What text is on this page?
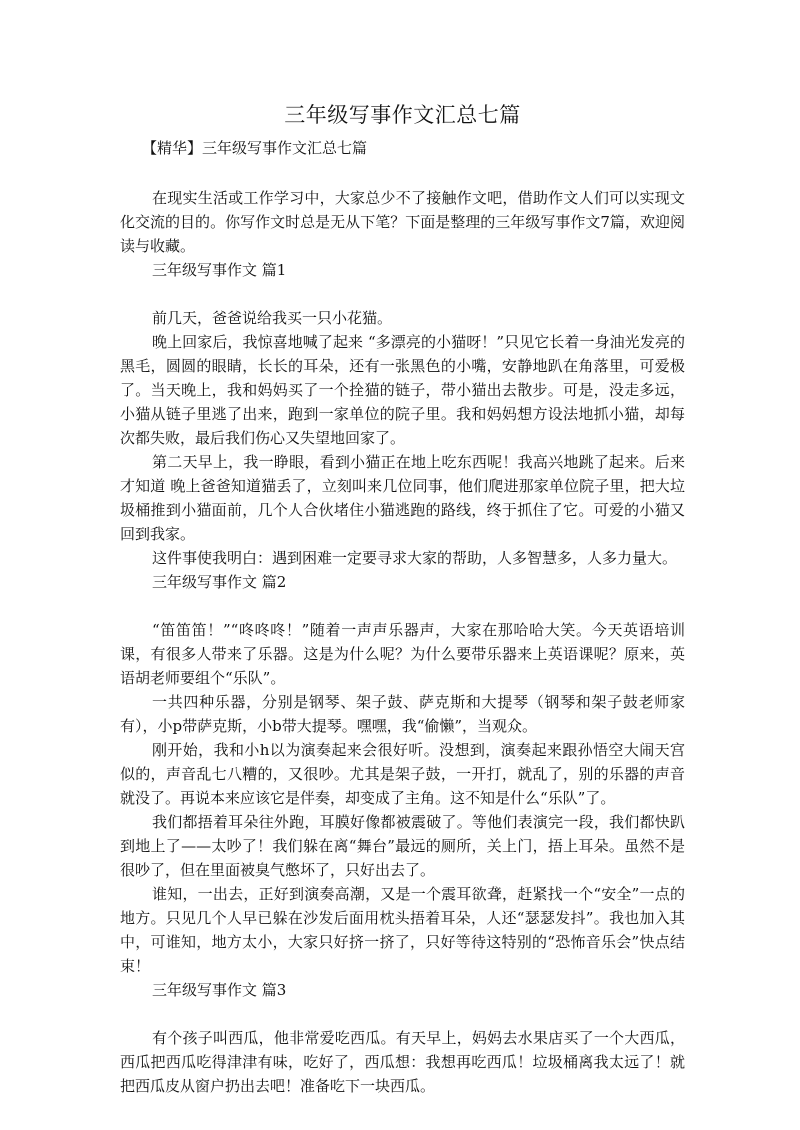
三年级写事作文汇总七篇

【精华】三年级写事作文汇总七篇

在现实生活或工作学习中，大家总少不了接触作文吧，借助作文人们可以实现文化交流的目的。你写作文时总是无从下笔？下面是整理的三年级写事作文7篇，欢迎阅读与收藏。

三年级写事作文 篇1

前几天，爸爸说给我买一只小花猫。

晚上回家后，我惊喜地喊了起来 “多漂亮的小猫呀！”只见它长着一身油光发亮的黑毛，圆圆的眼睛，长长的耳朵，还有一张黑色的小嘴，安静地趴在角落里，可爱极了。当天晚上，我和妈妈买了一个拴猫的链子，带小猫出去散步。可是，没走多远，小猫从链子里逃了出来，跑到一家单位的院子里。我和妈妈想方设法地抓小猫，却每次都失败，最后我们伤心又失望地回家了。

第二天早上，我一睁眼，看到小猫正在地上吃东西呢！我高兴地跳了起来。后来才知道 晚上爸爸知道猫丢了，立刻叫来几位同事，他们爬进那家单位院子里，把大垃圾桶推到小猫面前，几个人合伙堵住小猫逃跑的路线，终于抓住了它。可爱的小猫又回到我家。

这件事使我明白：遇到困难一定要寻求大家的帮助，人多智慧多，人多力量大。

三年级写事作文 篇2

“笛笛笛！”“咚咚咚！”随着一声声乐器声，大家在那哈哈大笑。今天英语培训课，有很多人带来了乐器。这是为什么呢？为什么要带乐器来上英语课呢？原来，英语胡老师要组个“乐队”。

一共四种乐器，分别是钢琴、架子鼓、萨克斯和大提琴（钢琴和架子鼓老师家有），小p带萨克斯，小b带大提琴。嘿嘿，我“偷懒”，当观众。

刚开始，我和小h以为演奏起来会很好听。没想到，演奏起来跟孙悟空大闹天宫似的，声音乱七八糟的，又很吵。尤其是架子鼓，一开打，就乱了，别的乐器的声音就没了。再说本来应该它是伴奏，却变成了主角。这不知是什么“乐队”了。

我们都捂着耳朵往外跑，耳膜好像都被震破了。等他们表演完一段，我们都快趴到地上了——太吵了！我们躲在离“舞台”最远的厕所，关上门，捂上耳朵。虽然不是很吵了，但在里面被臭气憋坏了，只好出去了。

谁知，一出去，正好到演奏高潮，又是一个震耳欲聋，赶紧找一个“安全”一点的地方。只见几个人早已躲在沙发后面用枕头捂着耳朵，人还“瑟瑟发抖”。我也加入其中，可谁知，地方太小，大家只好挤一挤了，只好等待这特别的“恐怖音乐会”快点结束！

三年级写事作文 篇3

有个孩子叫西瓜，他非常爱吃西瓜。有天早上，妈妈去水果店买了一个大西瓜，西瓜把西瓜吃得津津有味，吃好了，西瓜想：我想再吃西瓜！垃圾桶离我太远了！就把西瓜皮从窗户扔出去吧！准备吃下一块西瓜。
